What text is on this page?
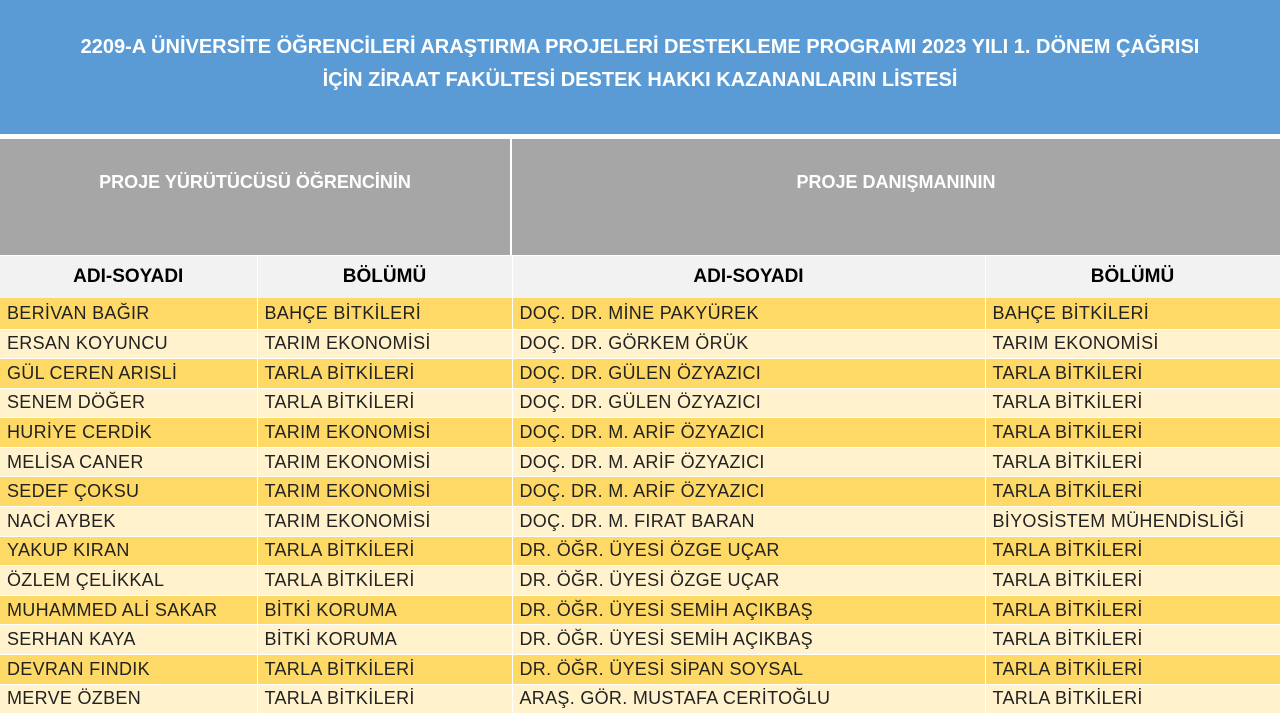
2209-A ÜNİVERSİTE ÖĞRENCİLERİ ARAŞTIRMA PROJELERİ DESTEKLEME PROGRAMI 2023 YILI 1. DÖNEM ÇAĞRISI
İÇİN ZİRAAT FAKÜLTESİ DESTEK HAKKI KAZANANLARIN LİSTESİ
PROJE YÜRÜTÜCÜSÜ ÖĞRENCİNİN	PROJE DANIŞMANININ
ADI-SOYADI	BÖLÜMÜ	ADI-SOYADI	BÖLÜMÜ
BERİVAN BAĞIR	BAHÇE BİTKİLERİ	DOÇ. DR. MİNE PAKYÜREK	BAHÇE BİTKİLERİ
ERSAN KOYUNCU	TARIM EKONOMİSİ	DOÇ. DR. GÖRKEM ÖRÜK	TARIM EKONOMİSİ
GÜL CEREN ARISLİ	TARLA BİTKİLERİ	DOÇ. DR. GÜLEN ÖZYAZICI	TARLA BİTKİLERİ
SENEM DÖĞER	TARLA BİTKİLERİ	DOÇ. DR. GÜLEN ÖZYAZICI	TARLA BİTKİLERİ
HURİYE CERDİK	TARIM EKONOMİSİ	DOÇ. DR. M. ARİF ÖZYAZICI	TARLA BİTKİLERİ
MELİSA CANER	TARIM EKONOMİSİ	DOÇ. DR. M. ARİF ÖZYAZICI	TARLA BİTKİLERİ
SEDEF ÇOKSU	TARIM EKONOMİSİ	DOÇ. DR. M. ARİF ÖZYAZICI	TARLA BİTKİLERİ
NACİ AYBEK	TARIM EKONOMİSİ	DOÇ. DR. M. FIRAT BARAN	BİYOSİSTEM MÜHENDİSLİĞİ
YAKUP KIRAN	TARLA BİTKİLERİ	DR. ÖĞR. ÜYESİ ÖZGE UÇAR	TARLA BİTKİLERİ
ÖZLEM ÇELİKKAL	TARLA BİTKİLERİ	DR. ÖĞR. ÜYESİ ÖZGE UÇAR	TARLA BİTKİLERİ
MUHAMMED ALİ SAKAR	BİTKİ KORUMA	DR. ÖĞR. ÜYESİ SEMİH AÇIKBAŞ	TARLA BİTKİLERİ
SERHAN KAYA	BİTKİ KORUMA	DR. ÖĞR. ÜYESİ SEMİH AÇIKBAŞ	TARLA BİTKİLERİ
DEVRAN FINDIK	TARLA BİTKİLERİ	DR. ÖĞR. ÜYESİ SİPAN SOYSAL	TARLA BİTKİLERİ
MERVE ÖZBEN	TARLA BİTKİLERİ	ARAŞ. GÖR. MUSTAFA CERİTOĞLU	TARLA BİTKİLERİ
